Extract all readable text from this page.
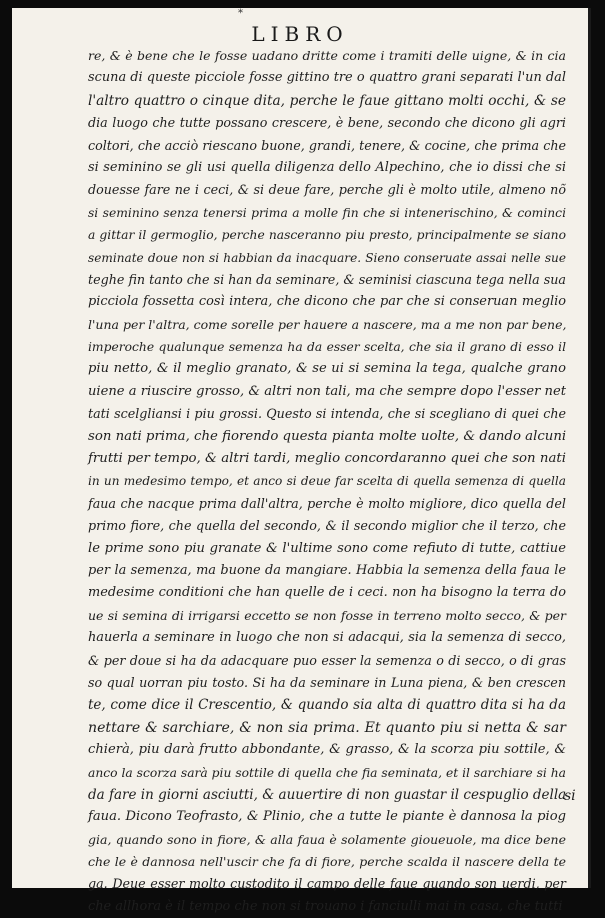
*
LIBRO
re, & è bene che le fosse uadano dritte come i tramiti delle uigne, & in cia
scuna di queste picciole fosse gittino tre o quattro grani separati l'un dal
l'altro quattro o cinque dita, perche le faue gittano molti occhi, & se
dia luogo che tutte possano crescere, è bene, secondo che dicono gli agri
coltori, che acciò riescano buone, grandi, tenere, & cocine, che prima che
si seminino se gli usi quella diligenza dello Alpechino, che io dissi che si
douesse fare ne i ceci, & si deue fare, perche gli è molto utile, almeno nõ
si seminino senza tenersi prima a molle fin che si intenerischino, & cominci
a gittar il germoglio, perche nasceranno piu presto, principalmente se siano
seminate doue non si habbian da inacquare. Sieno conseruate assai nelle sue
teghe fin tanto che si han da seminare, & seminisi ciascuna tega nella sua
picciola fossetta così intera, che dicono che par che si conseruan meglio
l'una per l'altra, come sorelle per hauere a nascere, ma a me non par bene,
imperoche qualunque semenza ha da esser scelta, che sia il grano di esso il
piu netto, & il meglio granato, & se ui si semina la tega, qualche grano
uiene a riuscire grosso, & altri non tali, ma che sempre dopo l'esser net
tati scelgliansi i piu grossi. Questo si intenda, che si scegliano di quei che
son nati prima, che fiorendo questa pianta molte uolte, & dando alcuni
frutti per tempo, & altri tardi, meglio concordaranno quei che son nati
in un medesimo tempo, et anco si deue far scelta di quella semenza di quella
faua che nacque prima dall'altra, perche è molto migliore, dico quella del
primo fiore, che quella del secondo, & il secondo miglior che il terzo, che
le prime sono piu granate & l'ultime sono come refiuto di tutte, cattiue
per la semenza, ma buone da mangiare. Habbia la semenza della faua le
medesime conditioni che han quelle de i ceci. non ha bisogno la terra do
ue si semina di irrigarsi eccetto se non fosse in terreno molto secco, & per
hauerla a seminare in luogo che non si adacqui, sia la semenza di secco,
& per doue si ha da adacquare puo esser la semenza o di secco, o di gras
so qual uorran piu tosto. Si ha da seminare in Luna piena, & ben crescen
te, come dice il Crescentio, & quando sia alta di quattro dita si ha da
nettare & sarchiare, & non sia prima. Et quanto piu si netta & sar
chierà, piu darà frutto abbondante, & grasso, & la scorza piu sottile, &
anco la scorza sarà piu sottile di quella che fia seminata, et il sarchiare si ha
da fare in giorni asciutti, & auuertire di non guastar il cespuglio della
faua. Dicono Teofrasto, & Plinio, che a tutte le piante è dannosa la piog
gia, quando sono in fiore, & alla faua è solamente gioueuole, ma dice bene
che le è dannosa nell'uscir che fa di fiore, perche scalda il nascere della te
ga. Deue esser molto custodito il campo delle faue quando son uerdi, per
che allhora è il tempo che non si trouano i fanciulli mai in casa, che tutti
si
